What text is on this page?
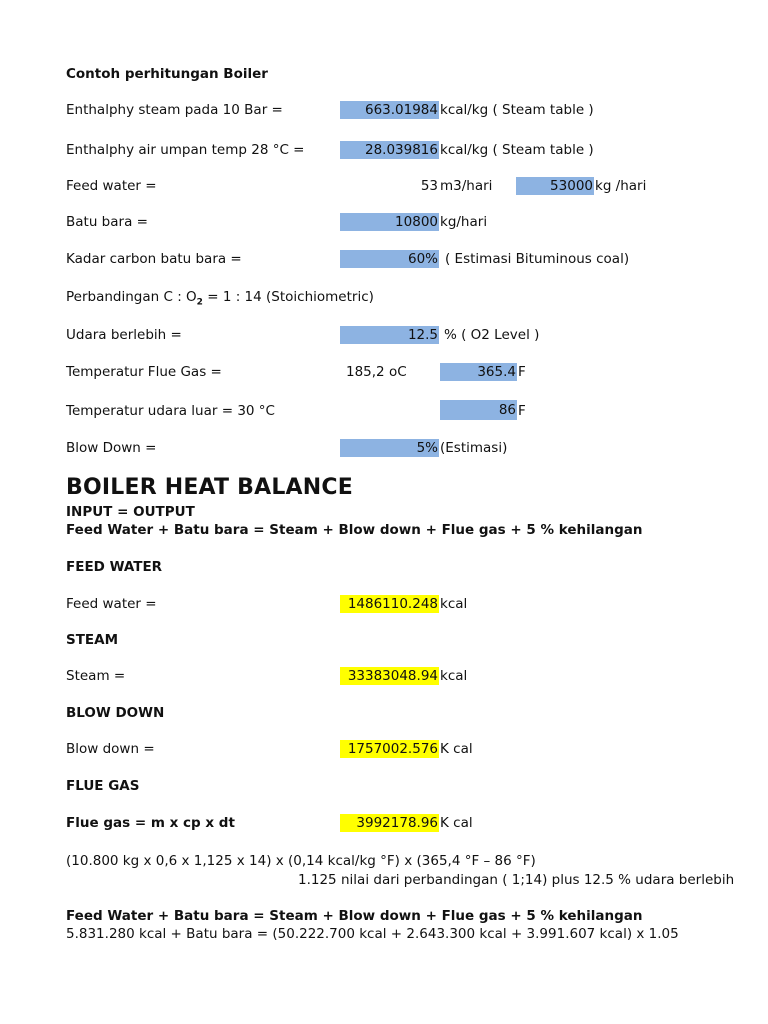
Contoh perhitungan Boiler
Enthalphy steam pada 10 Bar =	663.01984 kcal/kg ( Steam table )
Enthalphy air umpan temp 28 °C =	28.039816 kcal/kg ( Steam table )
Feed water =	53 m3/hari	53000 kg /hari
Batu bara =	10800 kg/hari
Kadar carbon batu bara =	60% ( Estimasi Bituminous coal)
Perbandingan C : $O_2 = 1$ : 14 (Stoichiometric)
Udara berlebih =	12.5 % ( O2 Level )
Temperatur Flue Gas =	185,2 oC	365.4 F
Temperatur udara luar = 30 °C	86 F
Blow Down =	5% (Estimasi)
BOILER HEAT BALANCE
INPUT = OUTPUT
Feed Water + Batu bara = Steam + Blow down + Flue gas + 5 % kehilangan
FEED WATER
Feed water =	1486110.248 kcal
STEAM
Steam =	33383048.94 kcal
BLOW DOWN
Blow down =	1757002.576 K cal
FLUE GAS
Flue gas = m x cp x dt	3992178.96 K cal
(10.800 kg x 0,6 x 1,125 x 14) x (0,14 kcal/kg °F) x (365,4 °F – 86 °F)
1.125 nilai dari perbandingan ( 1;14) plus 12.5 % udara berlebih
Feed Water + Batu bara = Steam + Blow down + Flue gas + 5 % kehilangan
5.831.280 kcal + Batu bara = (50.222.700 kcal + 2.643.300 kcal + 3.991.607 kcal) x 1.05
